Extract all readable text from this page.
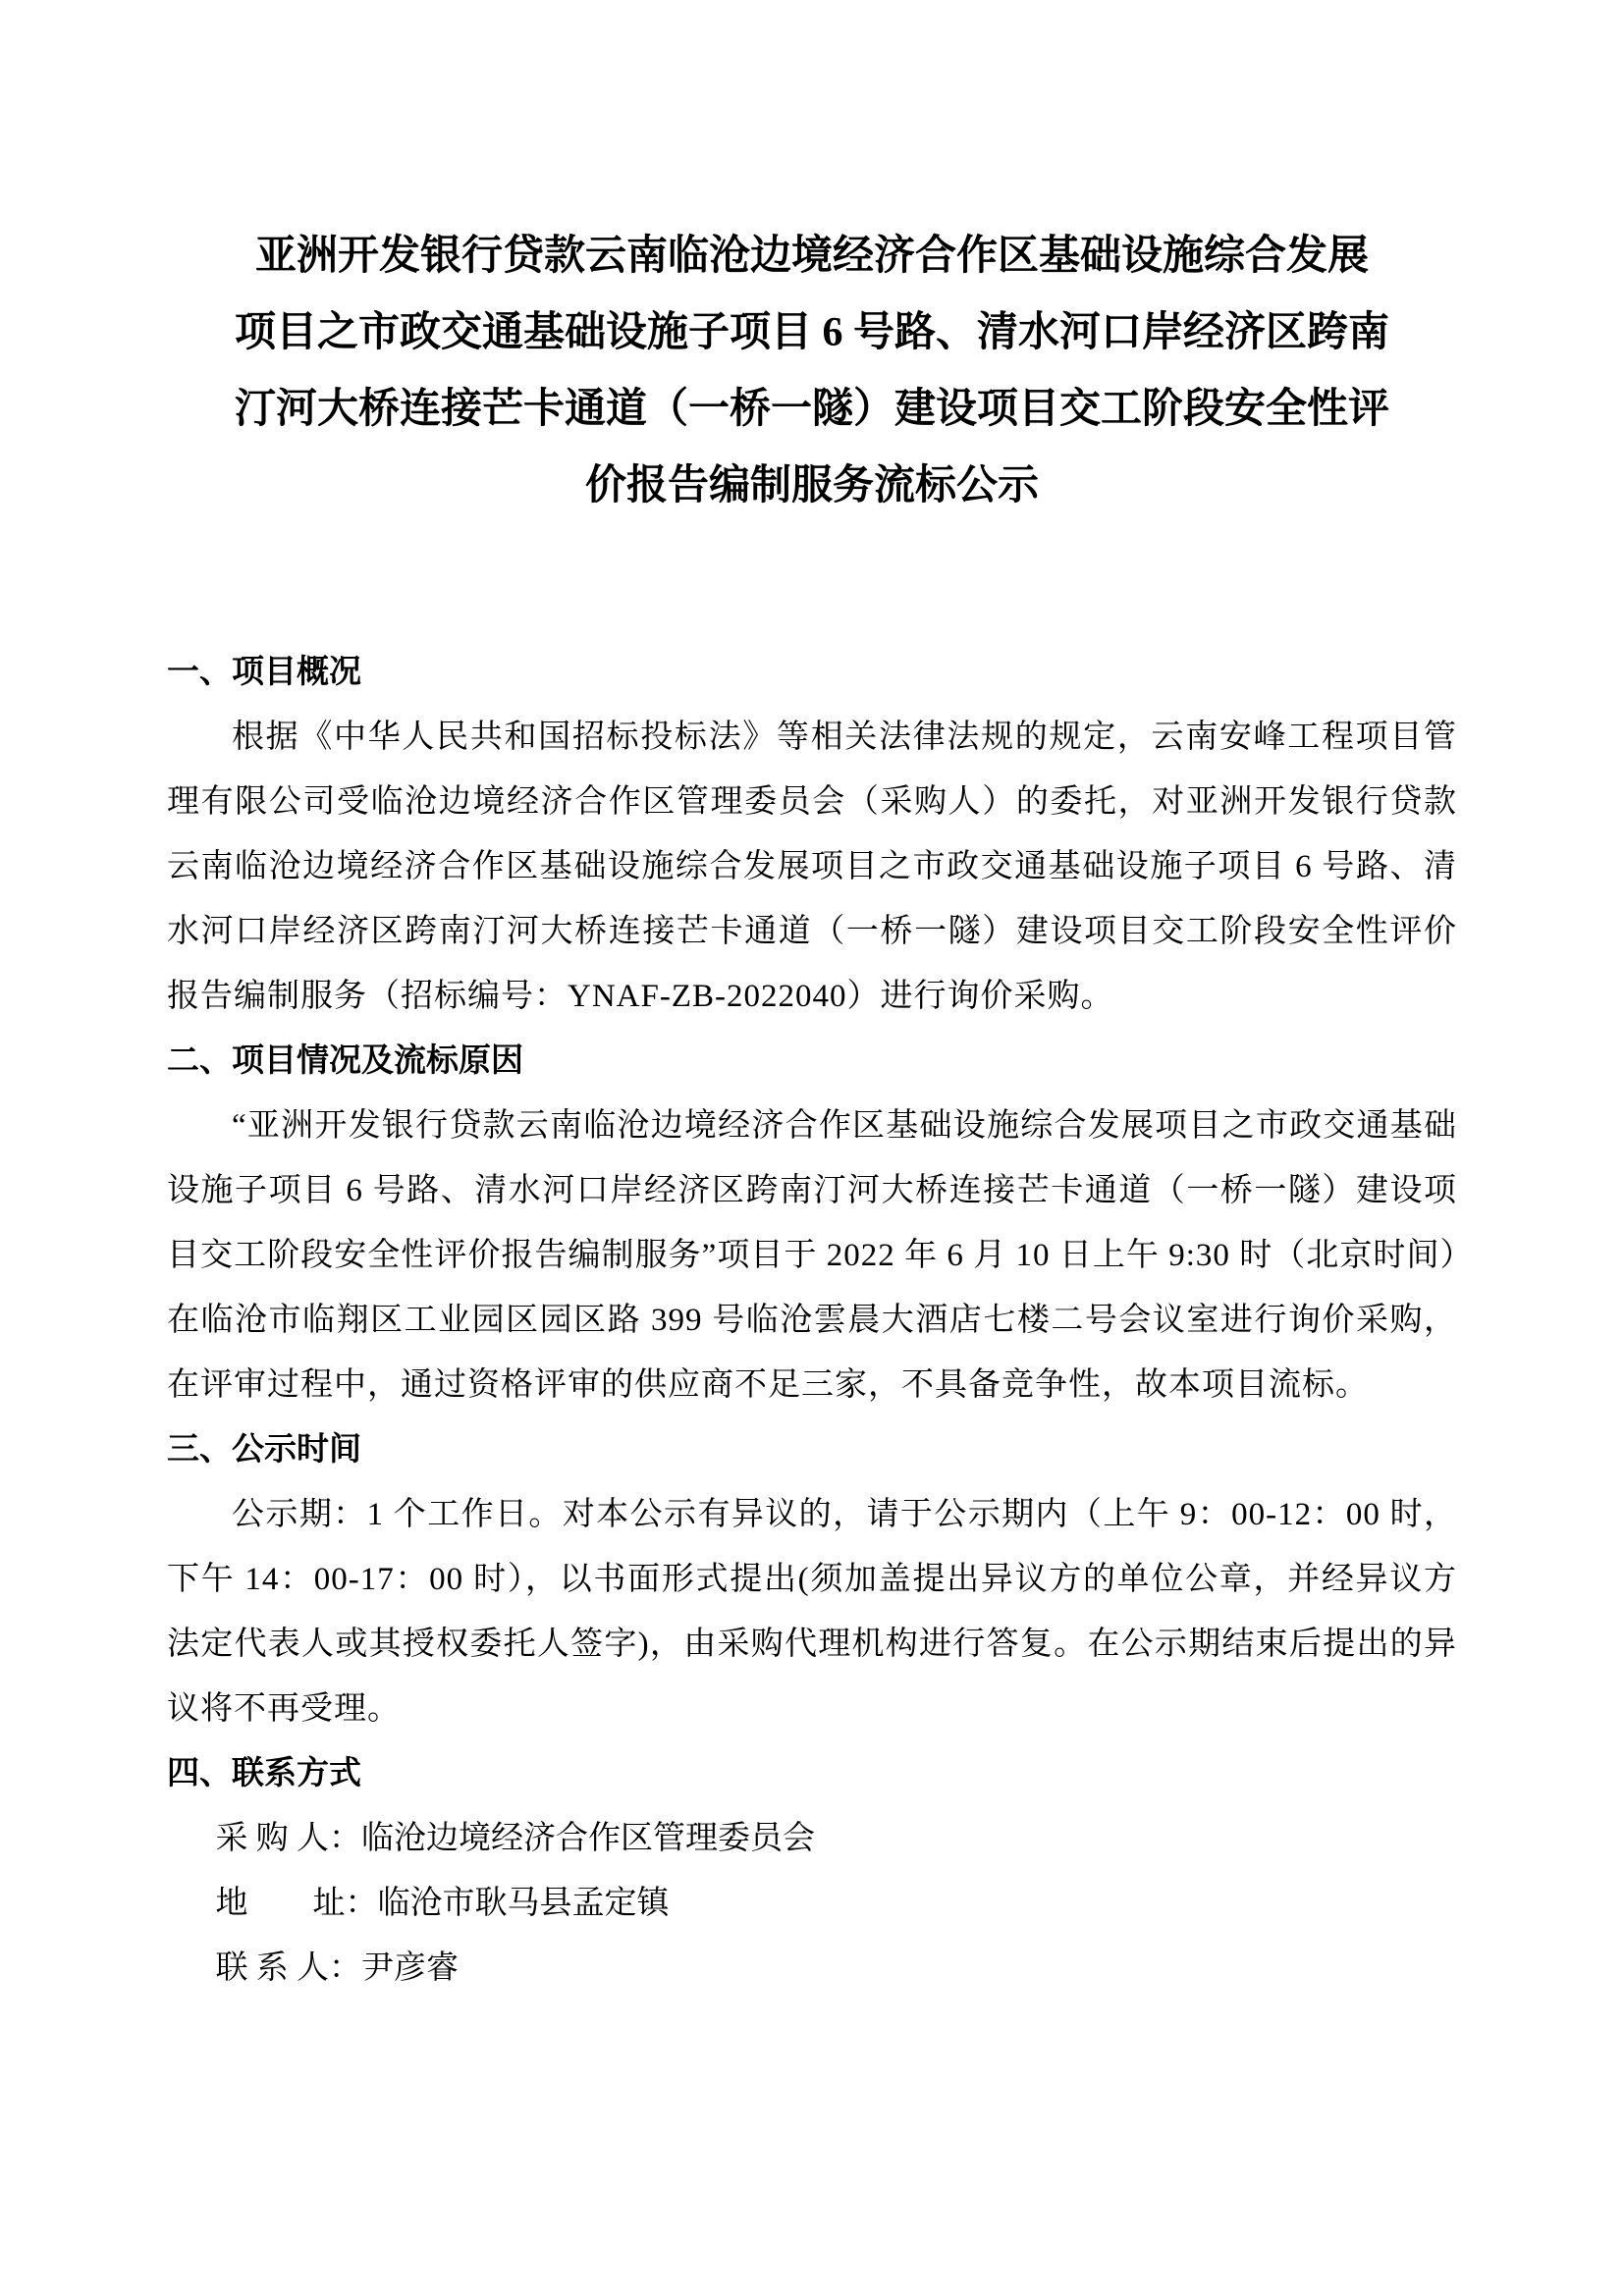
亚洲开发银行贷款云南临沧边境经济合作区基础设施综合发展
项目之市政交通基础设施子项目 6 号路、清水河口岸经济区跨南
汀河大桥连接芒卡通道（一桥一隧）建设项目交工阶段安全性评
价报告编制服务流标公示
一、项目概况

根据《中华人民共和国招标投标法》等相关法律法规的规定，云南安峰工程项目管理有限公司受临沧边境经济合作区管理委员会（采购人）的委托，对亚洲开发银行贷款云南临沧边境经济合作区基础设施综合发展项目之市政交通基础设施子项目 6 号路、清水河口岸经济区跨南汀河大桥连接芒卡通道（一桥一隧）建设项目交工阶段安全性评价报告编制服务（招标编号：YNAF-ZB-2022040）进行询价采购。

二、项目情况及流标原因

“亚洲开发银行贷款云南临沧边境经济合作区基础设施综合发展项目之市政交通基础设施子项目 6 号路、清水河口岸经济区跨南汀河大桥连接芒卡通道（一桥一隧）建设项目交工阶段安全性评价报告编制服务”项目于 2022 年 6 月 10 日上午 9:30 时（北京时间）在临沧市临翔区工业园区园区路 399 号临沧雲晨大酒店七楼二号会议室进行询价采购，在评审过程中，通过资格评审的供应商不足三家，不具备竞争性，故本项目流标。

三、公示时间

公示期：1 个工作日。对本公示有异议的，请于公示期内（上午 9：00-12：00 时，下午 14：00-17：00 时），以书面形式提出(须加盖提出异议方的单位公章，并经异议方法定代表人或其授权委托人签字)，由采购代理机构进行答复。在公示期结束后提出的异议将不再受理。

四、联系方式
采 购 人：临沧边境经济合作区管理委员会
地　　址：临沧市耿马县孟定镇
联 系 人：尹彦睿
